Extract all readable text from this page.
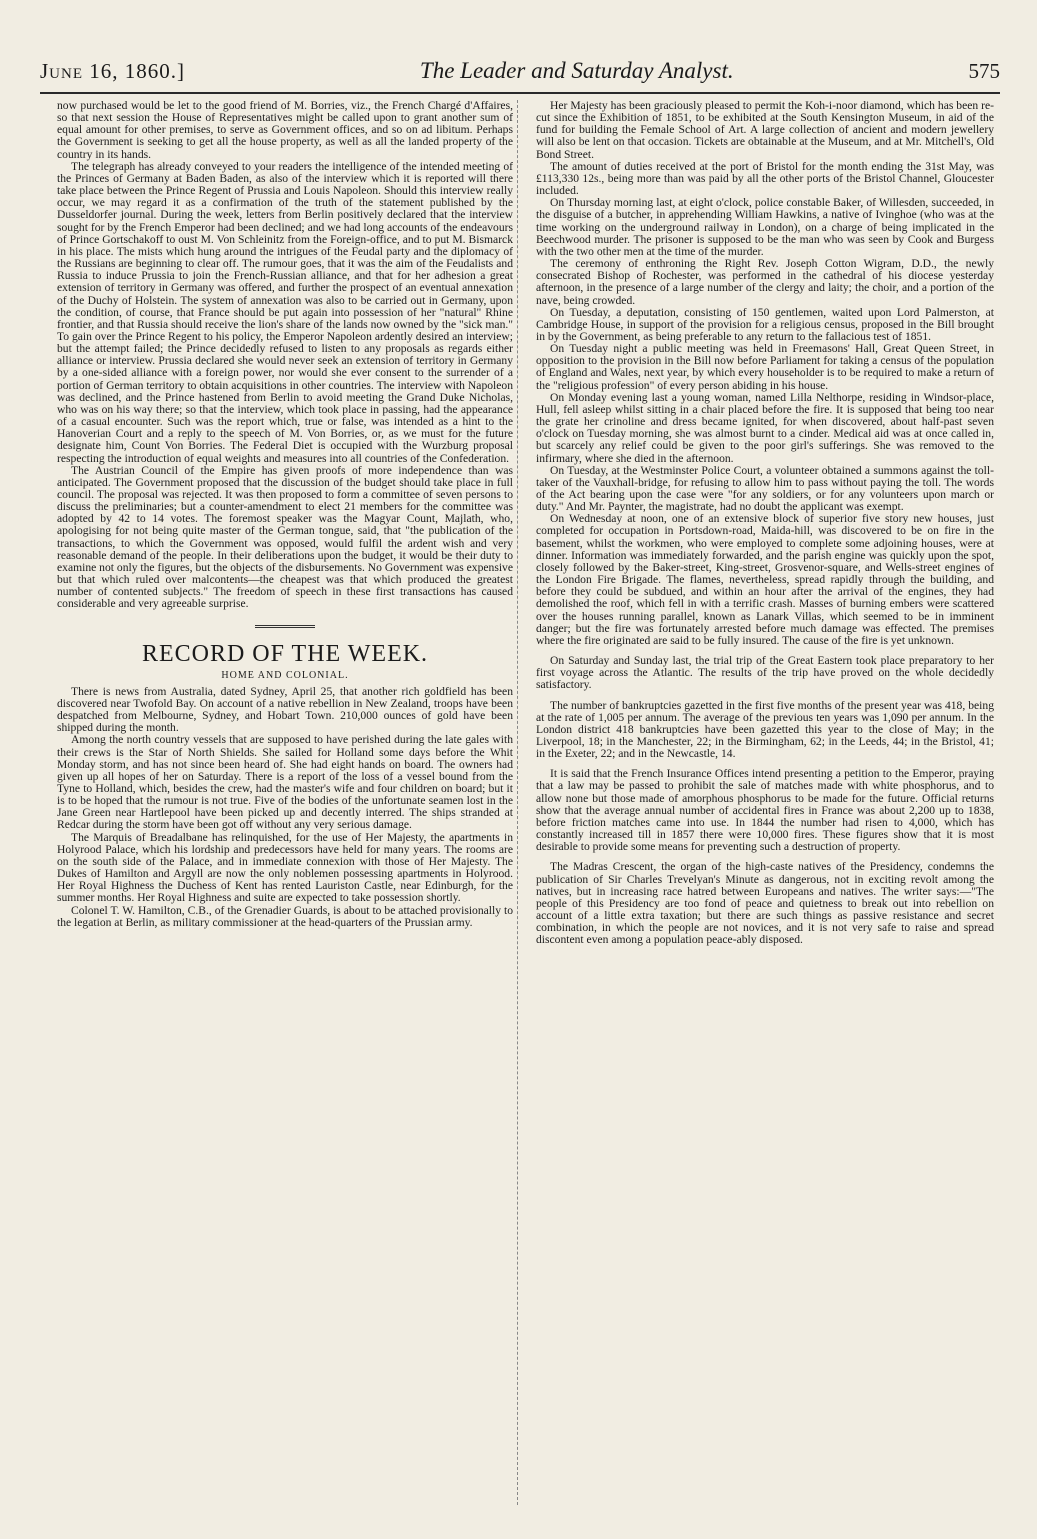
June 16, 1860.]	The Leader and Saturday Analyst.	575

now purchased would be let to the good friend of M. Borries, viz., the French Chargé d'Affaires, so that next session the House of Representatives might be called upon to grant another sum of equal amount for other premises, to serve as Government offices, and so on ad libitum. Perhaps the Government is seeking to get all the house property, as well as all the landed property of the country in its hands.

The telegraph has already conveyed to your readers the intelligence of the intended meeting of the Princes of Germany at Baden Baden, as also of the interview which it is reported will there take place between the Prince Regent of Prussia and Louis Napoleon. Should this interview really occur, we may regard it as a confirmation of the truth of the statement published by the Dusseldorfer journal. During the week, letters from Berlin positively declared that the interview sought for by the French Emperor had been declined; and we had long accounts of the endeavours of Prince Gortschakoff to oust M. Von Schleinitz from the Foreign-office, and to put M. Bismarck in his place. The mists which hung around the intrigues of the Feudal party and the diplomacy of the Russians are beginning to clear off. The rumour goes, that it was the aim of the Feudalists and Russia to induce Prussia to join the French-Russian alliance, and that for her adhesion a great extension of territory in Germany was offered, and further the prospect of an eventual annexation of the Duchy of Holstein. The system of annexation was also to be carried out in Germany, upon the condition, of course, that France should be put again into possession of her "natural" Rhine frontier, and that Russia should receive the lion's share of the lands now owned by the "sick man." To gain over the Prince Regent to his policy, the Emperor Napoleon ardently desired an interview; but the attempt failed; the Prince decidedly refused to listen to any proposals as regards either alliance or interview. Prussia declared she would never seek an extension of territory in Germany by a one-sided alliance with a foreign power, nor would she ever consent to the surrender of a portion of German territory to obtain acquisitions in other countries. The interview with Napoleon was declined, and the Prince hastened from Berlin to avoid meeting the Grand Duke Nicholas, who was on his way there; so that the interview, which took place in passing, had the appearance of a casual encounter. Such was the report which, true or false, was intended as a hint to the Hanoverian Court and a reply to the speech of M. Von Borries, or, as we must for the future designate him, Count Von Borries. The Federal Diet is occupied with the Wurzburg proposal respecting the introduction of equal weights and measures into all countries of the Confederation.

The Austrian Council of the Empire has given proofs of more independence than was anticipated. The Government proposed that the discussion of the budget should take place in full council. The proposal was rejected. It was then proposed to form a committee of seven persons to discuss the preliminaries; but a counter-amendment to elect 21 members for the committee was adopted by 42 to 14 votes. The foremost speaker was the Magyar Count, Majlath, who, apologising for not being quite master of the German tongue, said, that "the publication of the transactions, to which the Government was opposed, would fulfil the ardent wish and very reasonable demand of the people. In their deliberations upon the budget, it would be their duty to examine not only the figures, but the objects of the disbursements. No Government was expensive but that which ruled over malcontents—the cheapest was that which produced the greatest number of contented subjects." The freedom of speech in these first transactions has caused considerable and very agreeable surprise.

RECORD OF THE WEEK.
HOME AND COLONIAL.

There is news from Australia, dated Sydney, April 25, that another rich goldfield has been discovered near Twofold Bay. On account of a native rebellion in New Zealand, troops have been despatched from Melbourne, Sydney, and Hobart Town. 210,000 ounces of gold have been shipped during the month.

Among the north country vessels that are supposed to have perished during the late gales with their crews is the Star of North Shields. She sailed for Holland some days before the Whit Monday storm, and has not since been heard of. She had eight hands on board. The owners had given up all hopes of her on Saturday. There is a report of the loss of a vessel bound from the Tyne to Holland, which, besides the crew, had the master's wife and four children on board; but it is to be hoped that the rumour is not true. Five of the bodies of the unfortunate seamen lost in the Jane Green near Hartlepool have been picked up and decently interred. The ships stranded at Redcar during the storm have been got off without any very serious damage.

The Marquis of Breadalbane has relinquished, for the use of Her Majesty, the apartments in Holyrood Palace, which his lordship and predecessors have held for many years. The rooms are on the south side of the Palace, and in immediate connexion with those of Her Majesty. The Dukes of Hamilton and Argyll are now the only noblemen possessing apartments in Holyrood. Her Royal Highness the Duchess of Kent has rented Lauriston Castle, near Edinburgh, for the summer months. Her Royal Highness and suite are expected to take possession shortly.

Colonel T. W. Hamilton, C.B., of the Grenadier Guards, is about to be attached provisionally to the legation at Berlin, as military commissioner at the head-quarters of the Prussian army.

Her Majesty has been graciously pleased to permit the Koh-i-noor diamond, which has been re-cut since the Exhibition of 1851, to be exhibited at the South Kensington Museum, in aid of the fund for building the Female School of Art. A large collection of ancient and modern jewellery will also be lent on that occasion. Tickets are obtainable at the Museum, and at Mr. Mitchell's, Old Bond Street.

The amount of duties received at the port of Bristol for the month ending the 31st May, was £113,330 12s., being more than was paid by all the other ports of the Bristol Channel, Gloucester included.

On Thursday morning last, at eight o'clock, police constable Baker, of Willesden, succeeded, in the disguise of a butcher, in apprehending William Hawkins, a native of Ivinghoe (who was at the time working on the underground railway in London), on a charge of being implicated in the Beechwood murder. The prisoner is supposed to be the man who was seen by Cook and Burgess with the two other men at the time of the murder.

The ceremony of enthroning the Right Rev. Joseph Cotton Wigram, D.D., the newly consecrated Bishop of Rochester, was performed in the cathedral of his diocese yesterday afternoon, in the presence of a large number of the clergy and laity; the choir, and a portion of the nave, being crowded.

On Tuesday, a deputation, consisting of 150 gentlemen, waited upon Lord Palmerston, at Cambridge House, in support of the provision for a religious census, proposed in the Bill brought in by the Government, as being preferable to any return to the fallacious test of 1851.

On Tuesday night a public meeting was held in Freemasons' Hall, Great Queen Street, in opposition to the provision in the Bill now before Parliament for taking a census of the population of England and Wales, next year, by which every householder is to be required to make a return of the "religious profession" of every person abiding in his house.

On Monday evening last a young woman, named Lilla Nelthorpe, residing in Windsor-place, Hull, fell asleep whilst sitting in a chair placed before the fire. It is supposed that being too near the grate her crinoline and dress became ignited, for when discovered, about half-past seven o'clock on Tuesday morning, she was almost burnt to a cinder. Medical aid was at once called in, but scarcely any relief could be given to the poor girl's sufferings. She was removed to the infirmary, where she died in the afternoon.

On Tuesday, at the Westminster Police Court, a volunteer obtained a summons against the toll-taker of the Vauxhall-bridge, for refusing to allow him to pass without paying the toll. The words of the Act bearing upon the case were "for any soldiers, or for any volunteers upon march or duty." And Mr. Paynter, the magistrate, had no doubt the applicant was exempt.

On Wednesday at noon, one of an extensive block of superior five story new houses, just completed for occupation in Portsdown-road, Maida-hill, was discovered to be on fire in the basement, whilst the workmen, who were employed to complete some adjoining houses, were at dinner. Information was immediately forwarded, and the parish engine was quickly upon the spot, closely followed by the Baker-street, King-street, Grosvenor-square, and Wells-street engines of the London Fire Brigade. The flames, nevertheless, spread rapidly through the building, and before they could be subdued, and within an hour after the arrival of the engines, they had demolished the roof, which fell in with a terrific crash. Masses of burning embers were scattered over the houses running parallel, known as Lanark Villas, which seemed to be in imminent danger; but the fire was fortunately arrested before much damage was effected. The premises where the fire originated are said to be fully insured. The cause of the fire is yet unknown.

On Saturday and Sunday last, the trial trip of the Great Eastern took place preparatory to her first voyage across the Atlantic. The results of the trip have proved on the whole decidedly satisfactory.

The number of bankruptcies gazetted in the first five months of the present year was 418, being at the rate of 1,005 per annum. The average of the previous ten years was 1,090 per annum. In the London district 418 bankruptcies have been gazetted this year to the close of May; in the Liverpool, 18; in the Manchester, 22; in the Birmingham, 62; in the Leeds, 44; in the Bristol, 41; in the Exeter, 22; and in the Newcastle, 14.

It is said that the French Insurance Offices intend presenting a petition to the Emperor, praying that a law may be passed to prohibit the sale of matches made with white phosphorus, and to allow none but those made of amorphous phosphorus to be made for the future. Official returns show that the average annual number of accidental fires in France was about 2,200 up to 1838, before friction matches came into use. In 1844 the number had risen to 4,000, which has constantly increased till in 1857 there were 10,000 fires. These figures show that it is most desirable to provide some means for preventing such a destruction of property.

The Madras Crescent, the organ of the high-caste natives of the Presidency, condemns the publication of Sir Charles Trevelyan's Minute as dangerous, not in exciting revolt among the natives, but in increasing race hatred between Europeans and natives. The writer says:—"The people of this Presidency are too fond of peace and quietness to break out into rebellion on account of a little extra taxation; but there are such things as passive resistance and secret combination, in which the people are not novices, and it is not very safe to raise and spread discontent even among a population peace-ably disposed.
